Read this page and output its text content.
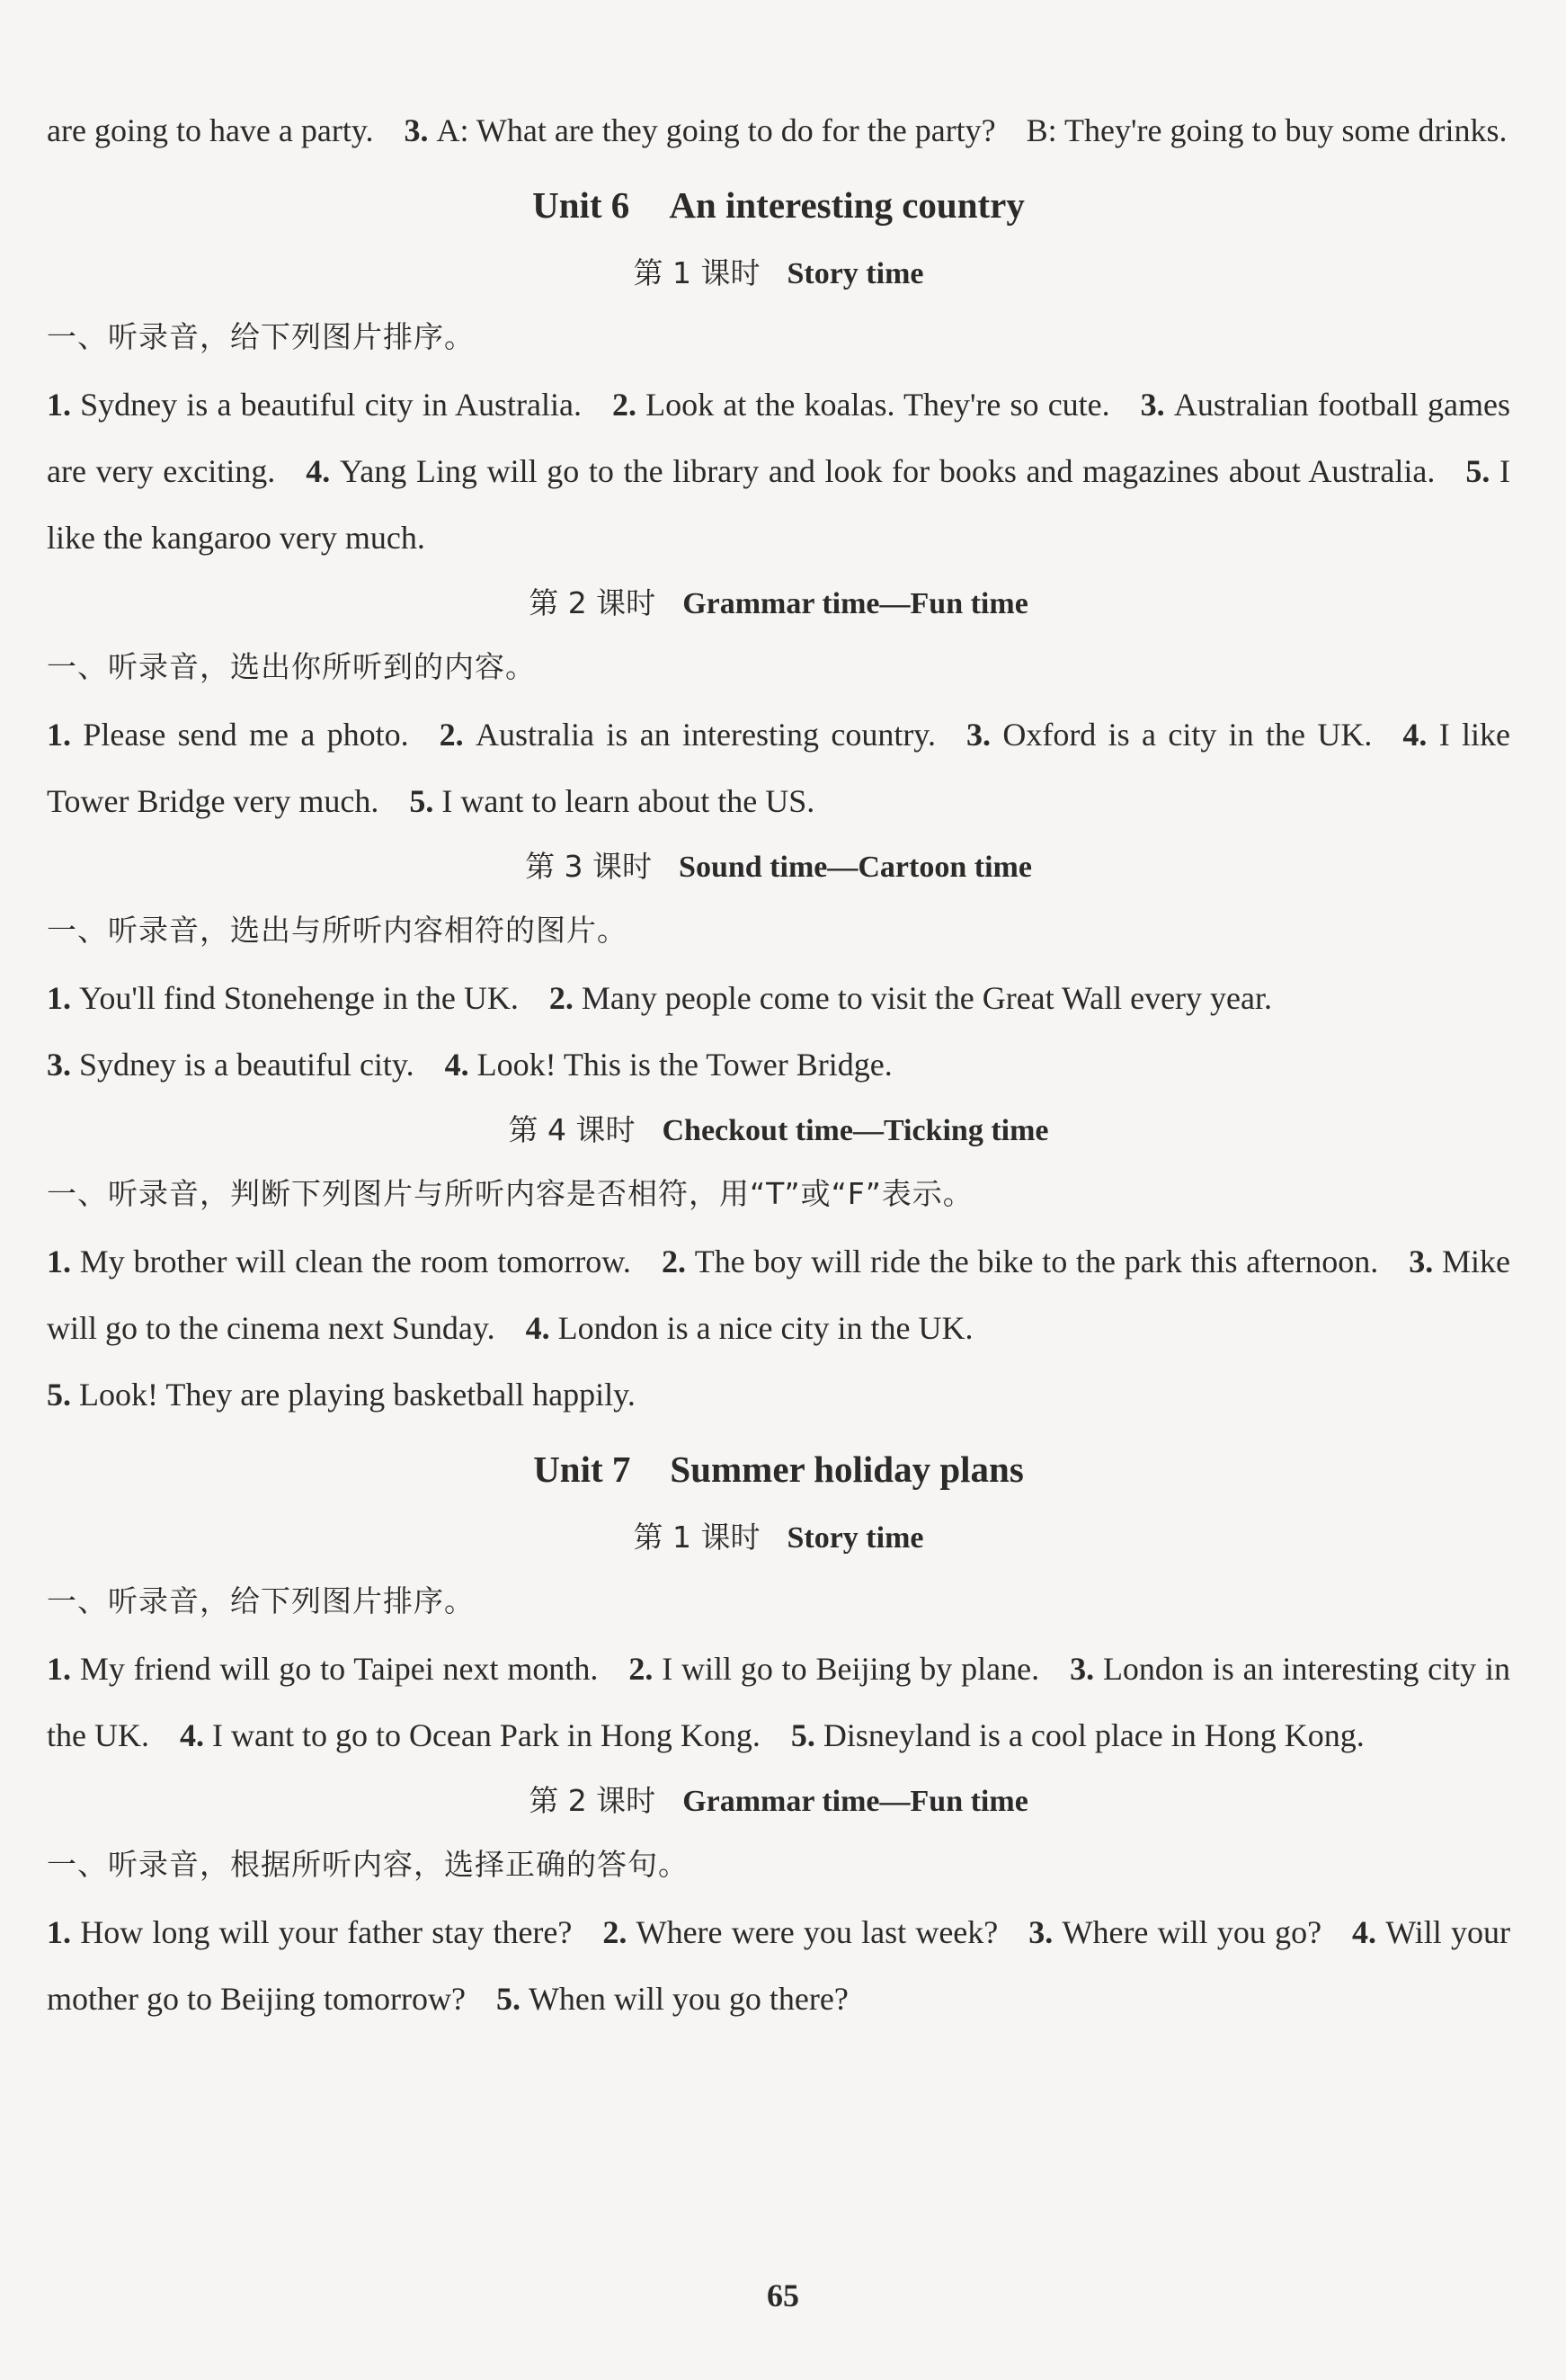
are going to have a party. 3. A: What are they going to do for the party? B: They're going to buy some drinks.

Unit 6 An interesting country
第 1 课时 Story time
一、听录音，给下列图片排序。

1. Sydney is a beautiful city in Australia. 2. Look at the koalas. They're so cute. 3. Australian football games are very exciting. 4. Yang Ling will go to the library and look for books and magazines about Australia. 5. I like the kangaroo very much.

第 2 课时 Grammar time—Fun time
一、听录音，选出你所听到的内容。

1. Please send me a photo. 2. Australia is an interesting country. 3. Oxford is a city in the UK. 4. I like Tower Bridge very much. 5. I want to learn about the US.

第 3 课时 Sound time—Cartoon time
一、听录音，选出与所听内容相符的图片。

1. You'll find Stonehenge in the UK. 2. Many people come to visit the Great Wall every year.
3. Sydney is a beautiful city. 4. Look! This is the Tower Bridge.

第 4 课时 Checkout time—Ticking time
一、听录音，判断下列图片与所听内容是否相符，用“T”或“F”表示。

1. My brother will clean the room tomorrow. 2. The boy will ride the bike to the park this afternoon. 3. Mike will go to the cinema next Sunday. 4. London is a nice city in the UK.
5. Look! They are playing basketball happily.

Unit 7 Summer holiday plans
第 1 课时 Story time
一、听录音，给下列图片排序。

1. My friend will go to Taipei next month. 2. I will go to Beijing by plane. 3. London is an interesting city in the UK. 4. I want to go to Ocean Park in Hong Kong. 5. Disneyland is a cool place in Hong Kong.

第 2 课时 Grammar time—Fun time
一、听录音，根据所听内容，选择正确的答句。

1. How long will your father stay there? 2. Where were you last week? 3. Where will you go? 4. Will your mother go to Beijing tomorrow? 5. When will you go there?

65
